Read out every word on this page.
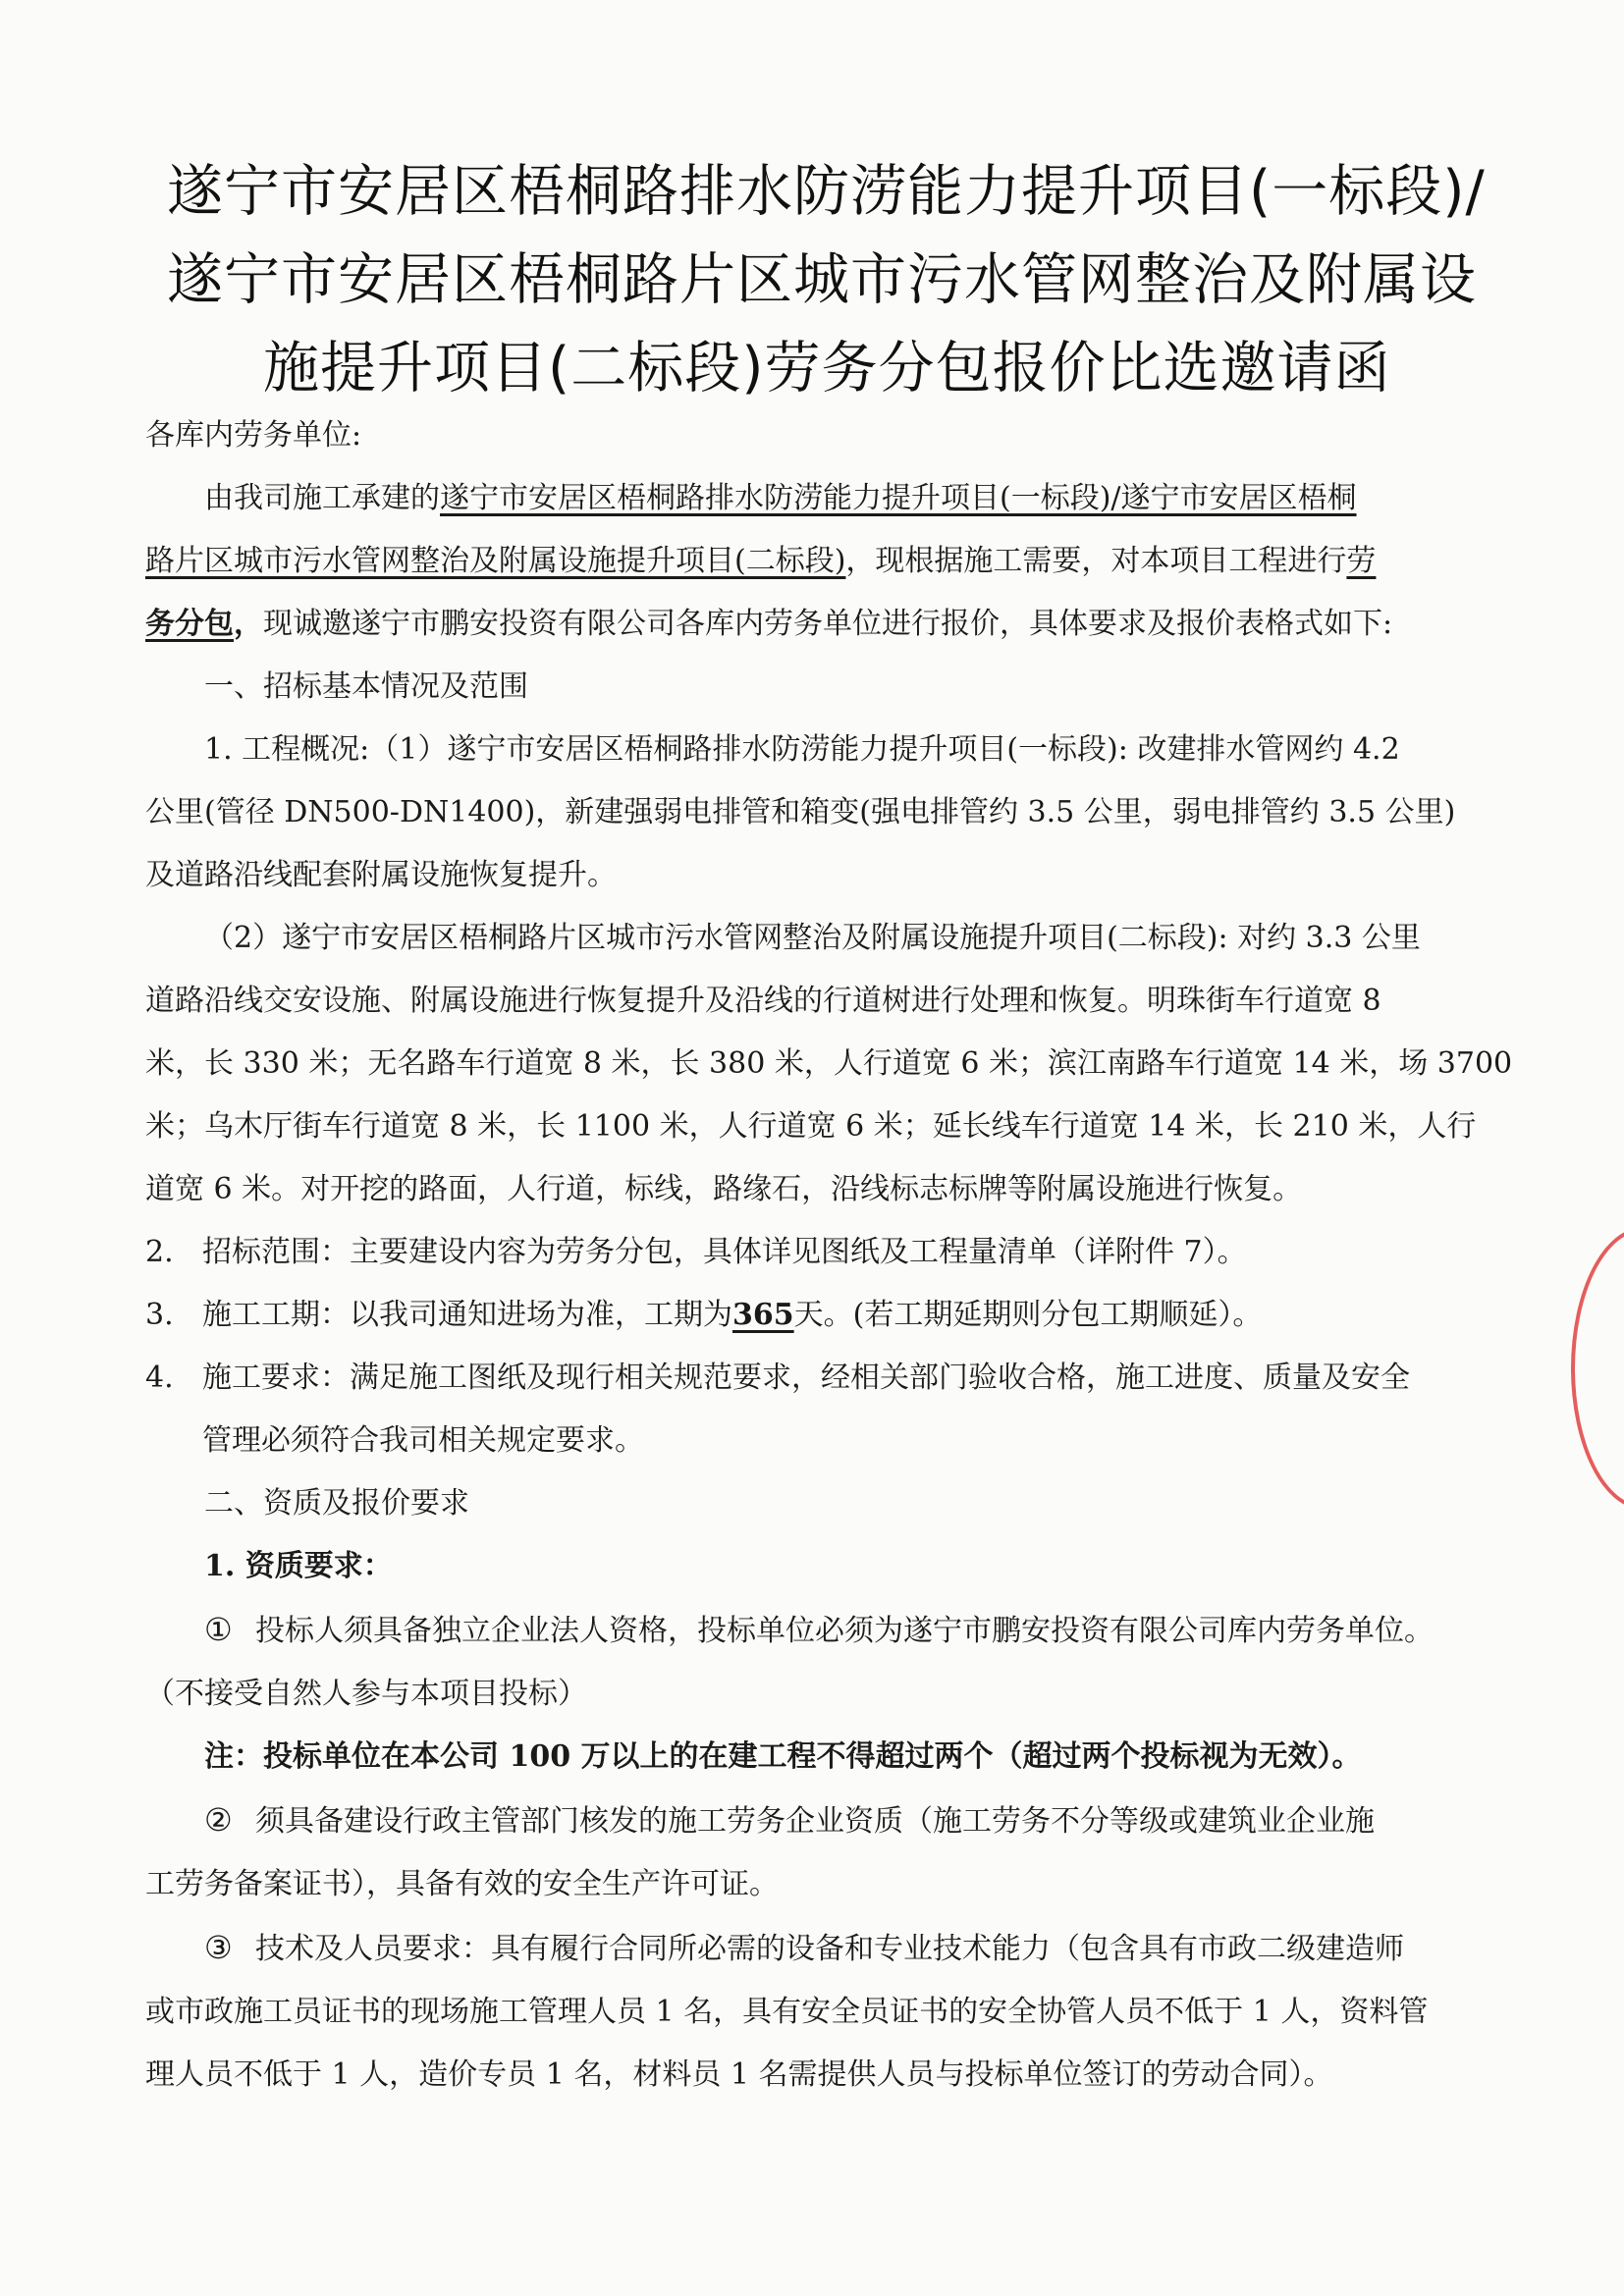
遂宁市安居区梧桐路排水防涝能力提升项目(一标段)/
遂宁市安居区梧桐路片区城市污水管网整治及附属设
施提升项目(二标段)劳务分包报价比选邀请函
各库内劳务单位:
由我司施工承建的遂宁市安居区梧桐路排水防涝能力提升项目(一标段)/遂宁市安居区梧桐
路片区城市污水管网整治及附属设施提升项目(二标段)，现根据施工需要，对本项目工程进行劳
务分包，现诚邀遂宁市鹏安投资有限公司各库内劳务单位进行报价，具体要求及报价表格式如下:
一、招标基本情况及范围
1. 工程概况:（1）遂宁市安居区梧桐路排水防涝能力提升项目(一标段): 改建排水管网约 4.2
公里(管径 DN500-DN1400)，新建强弱电排管和箱变(强电排管约 3.5 公里，弱电排管约 3.5 公里)
及道路沿线配套附属设施恢复提升。
（2）遂宁市安居区梧桐路片区城市污水管网整治及附属设施提升项目(二标段): 对约 3.3 公里
道路沿线交安设施、附属设施进行恢复提升及沿线的行道树进行处理和恢复。明珠街车行道宽 8
米，长 330 米；无名路车行道宽 8 米，长 380 米，人行道宽 6 米；滨江南路车行道宽 14 米，场 3700
米；乌木厅街车行道宽 8 米，长 1100 米，人行道宽 6 米；延长线车行道宽 14 米，长 210 米，人行
道宽 6 米。对开挖的路面，人行道，标线，路缘石，沿线标志标牌等附属设施进行恢复。
2. 招标范围：主要建设内容为劳务分包，具体详见图纸及工程量清单（详附件 7）。
3. 施工工期：以我司通知进场为准，工期为365天。(若工期延期则分包工期顺延）。
4. 施工要求：满足施工图纸及现行相关规范要求，经相关部门验收合格，施工进度、质量及安全
管理必须符合我司相关规定要求。
二、资质及报价要求
1. 资质要求：
① 投标人须具备独立企业法人资格，投标单位必须为遂宁市鹏安投资有限公司库内劳务单位。
（不接受自然人参与本项目投标）
注：投标单位在本公司 100 万以上的在建工程不得超过两个（超过两个投标视为无效）。
② 须具备建设行政主管部门核发的施工劳务企业资质（施工劳务不分等级或建筑业企业施
工劳务备案证书），具备有效的安全生产许可证。
③ 技术及人员要求：具有履行合同所必需的设备和专业技术能力（包含具有市政二级建造师
或市政施工员证书的现场施工管理人员 1 名，具有安全员证书的安全协管人员不低于 1 人，资料管
理人员不低于 1 人，造价专员 1 名，材料员 1 名需提供人员与投标单位签订的劳动合同）。
